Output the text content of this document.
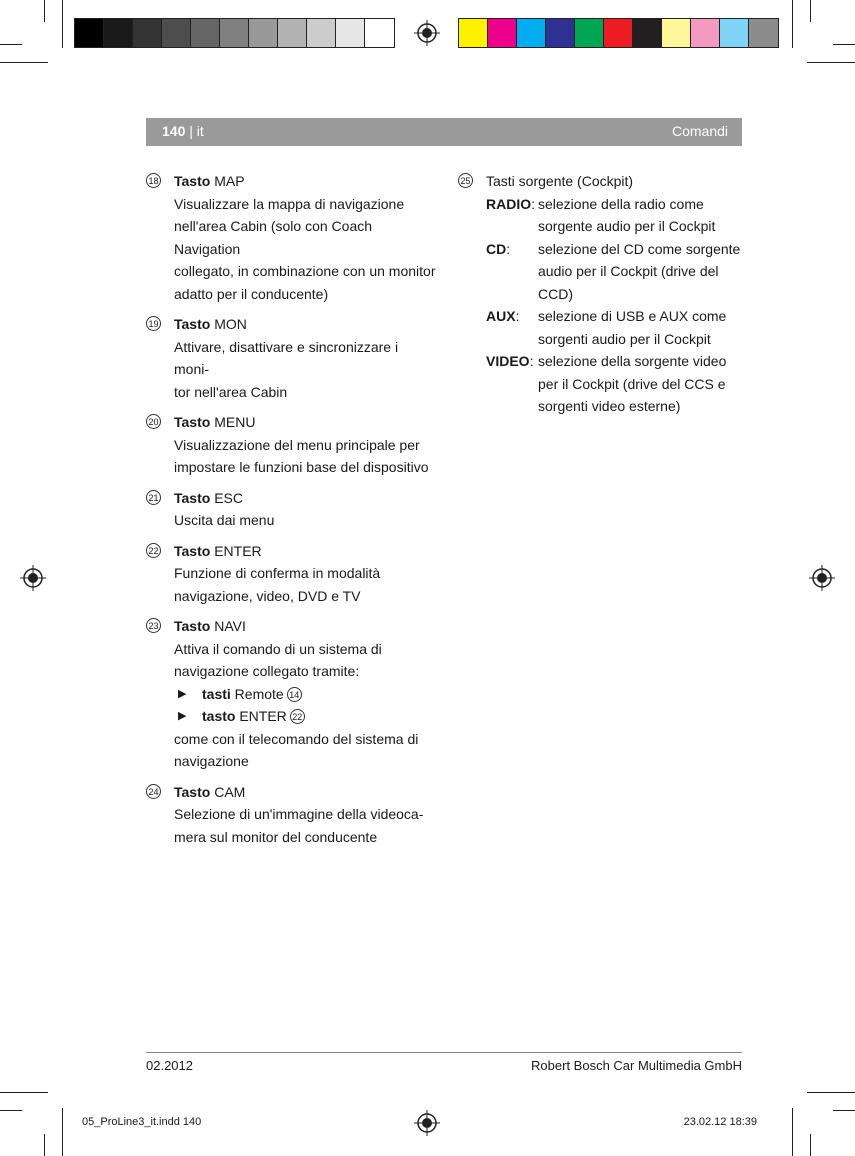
140 | it	Comandi
18 Tasto MAP
Visualizzare la mappa di navigazione
nell'area Cabin (solo con Coach Navigation
collegato, in combinazione con un monitor
adatto per il conducente)
19 Tasto MON
Attivare, disattivare e sincronizzare i moni-
tor nell'area Cabin
20 Tasto MENU
Visualizzazione del menu principale per
impostare le funzioni base del dispositivo
21 Tasto ESC
Uscita dai menu
22 Tasto ENTER
Funzione di conferma in modalità
navigazione, video, DVD e TV
23 Tasto NAVI
Attiva il comando di un sistema di
navigazione collegato tramite:
▶ tasti Remote 14
▶ tasto ENTER 22
come con il telecomando del sistema di
navigazione
24 Tasto CAM
Selezione di un'immagine della videoca-
mera sul monitor del conducente
25 Tasti sorgente (Cockpit)
RADIO: selezione della radio come
sorgente audio per il Cockpit
CD:	selezione del CD come sorgente
audio per il Cockpit (drive del
CCD)
AUX:	selezione di USB e AUX come
sorgenti audio per il Cockpit
VIDEO: selezione della sorgente video
per il Cockpit (drive del CCS e
sorgenti video esterne)
02.2012	Robert Bosch Car Multimedia GmbH
05_ProLine3_it.indd 140	23.02.12 18:39
